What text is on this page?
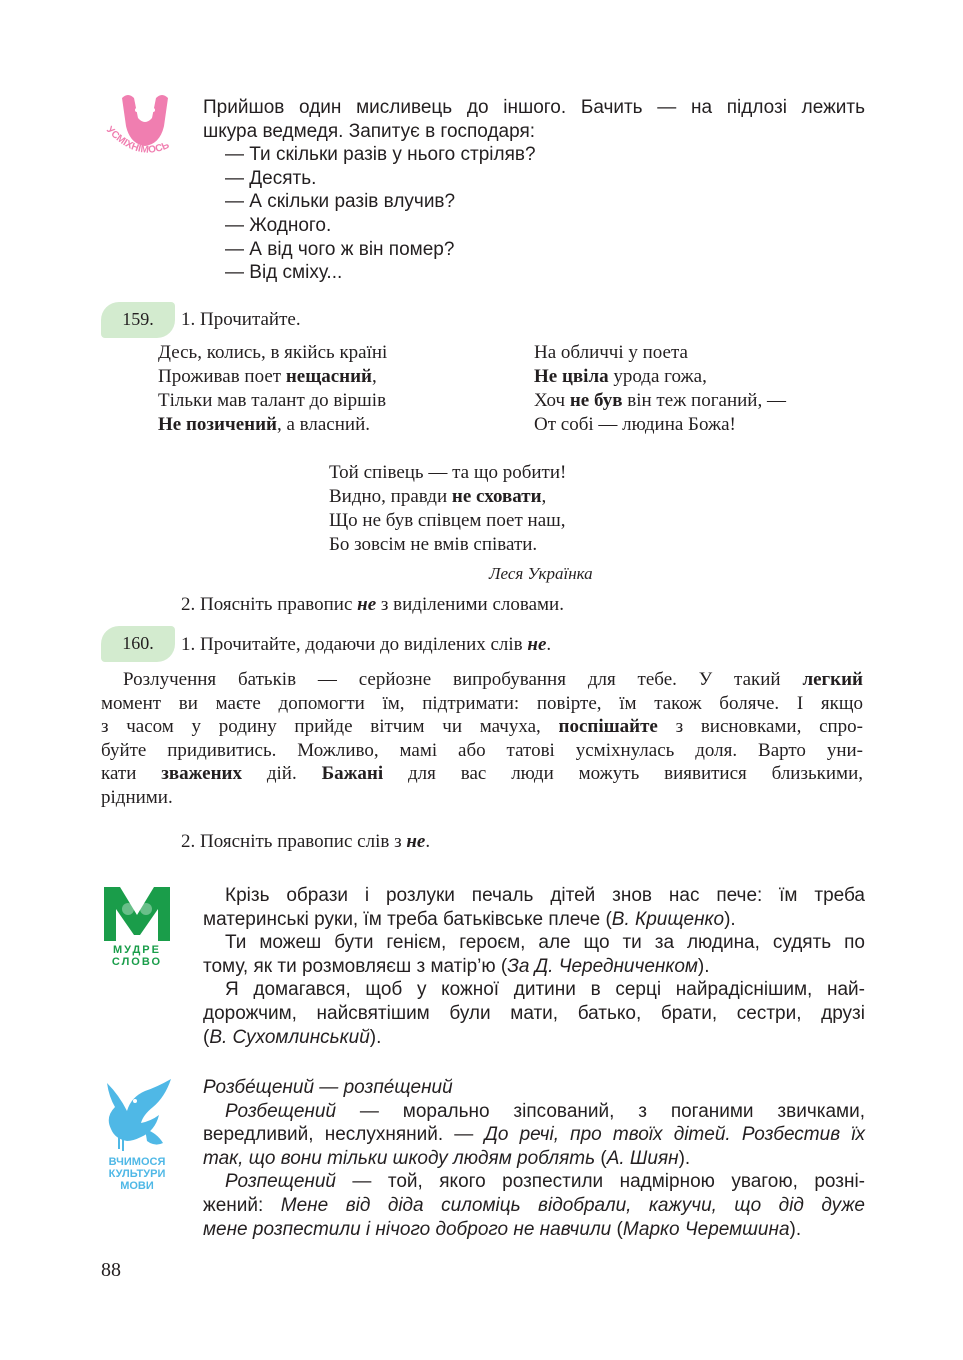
УСМІХНІМОСЬ

Прийшов один мисливець до іншого. Бачить — на підлозі лежить

шкура ведмедя. Запитує в господаря:

— Ти скільки разів у нього стріляв?

— Десять.

— А скільки разів влучив?

— Жодного.

— А від чого ж він помер?

— Від сміху...

159.	1. Прочитайте.

Десь, колись, в якійсь країні

Проживав поет нещасний,

Тільки мав талант до віршів

Не позичений, а власний.

На обличчі у поета

Не цвіла урода гожа,

Хоч не був він теж поганий, —

От собі — людина Божа!

Той співець — та що робити!

Видно, правди не сховати,

Що не був співцем поет наш,

Бо зовсім не вмів співати.

Леся Українка

2. Поясніть правопис не з виділеними словами.

160.	1. Прочитайте, додаючи до виділених слів не.

Розлучення батьків — серйозне випробування для тебе. У такий легкий

момент ви маєте допомогти їм, підтримати: повірте, їм також боляче. І якщо

з часом у родину прийде вітчим чи мачуха, поспішайте з висновками, спро-

буйте придивитись. Можливо, мамі або татові усміхнулась доля. Варто уни-

кати зважених дій. Бажані для вас люди можуть виявитися близькими,

рідними.

2. Поясніть правопис слів з не.

МУДРЕ
СЛОВО

Крізь образи і розлуки печаль дітей знов нас пече: їм треба

материнські руки, їм треба батьківське плече (В. Крищенко).

Ти можеш бути генієм, героєм, але що ти за людина, судять по

тому, як ти розмовляєш з матір’ю (За Д. Чередниченком).

Я домагався, щоб у кожної дитини в серці найрадіснішим, най-

дорожчим, найсвятішим були мати, батько, брати, сестри, друзі

(В. Сухомлинський).

ВЧИМОСЯ
КУЛЬТУРИ
МОВИ

Розбе́щений — розпе́щений

Розбещений — морально зіпсований, з поганими звичками,

вередливий, неслухняний. — До речі, про твоїх дітей. Розбестив їх

так, що вони тільки шкоду людям роблять (А. Шиян).

Розпещений — той, якого розпестили надмірною увагою, розні-

жений: Мене від діда силоміць відобрали, кажучи, що дід дуже

мене розпестили і нічого доброго не навчили (Марко Черемшина).

88
